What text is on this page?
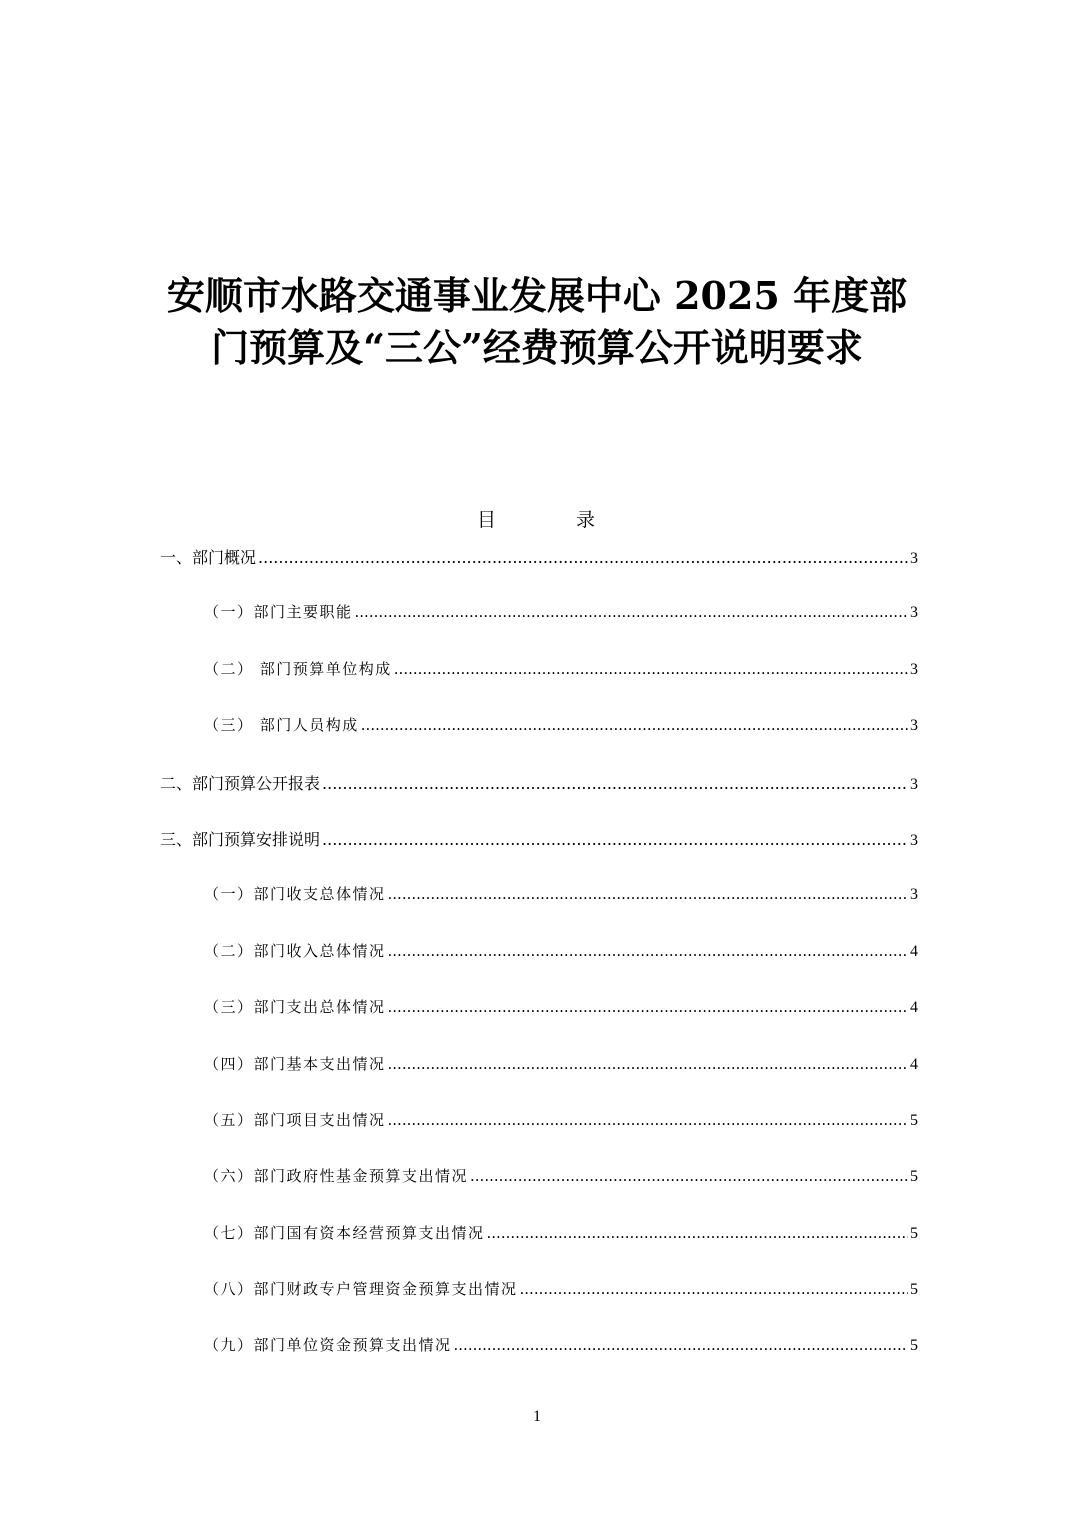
安顺市水路交通事业发展中心 2025 年度部
门预算及“三公”经费预算公开说明要求
目	录
一、部门概况 .....	3
（一）部门主要职能 .....	3
（二） 部门预算单位构成 .....	3
（三） 部门人员构成 .....	3
二、部门预算公开报表 .....	3
三、部门预算安排说明 .....	3
（一）部门收支总体情况 .....	3
（二）部门收入总体情况 .....	4
（三）部门支出总体情况 .....	4
（四）部门基本支出情况 .....	4
（五）部门项目支出情况 .....	5
（六）部门政府性基金预算支出情况 .....	5
（七）部门国有资本经营预算支出情况 .....	5
（八）部门财政专户管理资金预算支出情况 .....	5
（九）部门单位资金预算支出情况 .....	5
1
